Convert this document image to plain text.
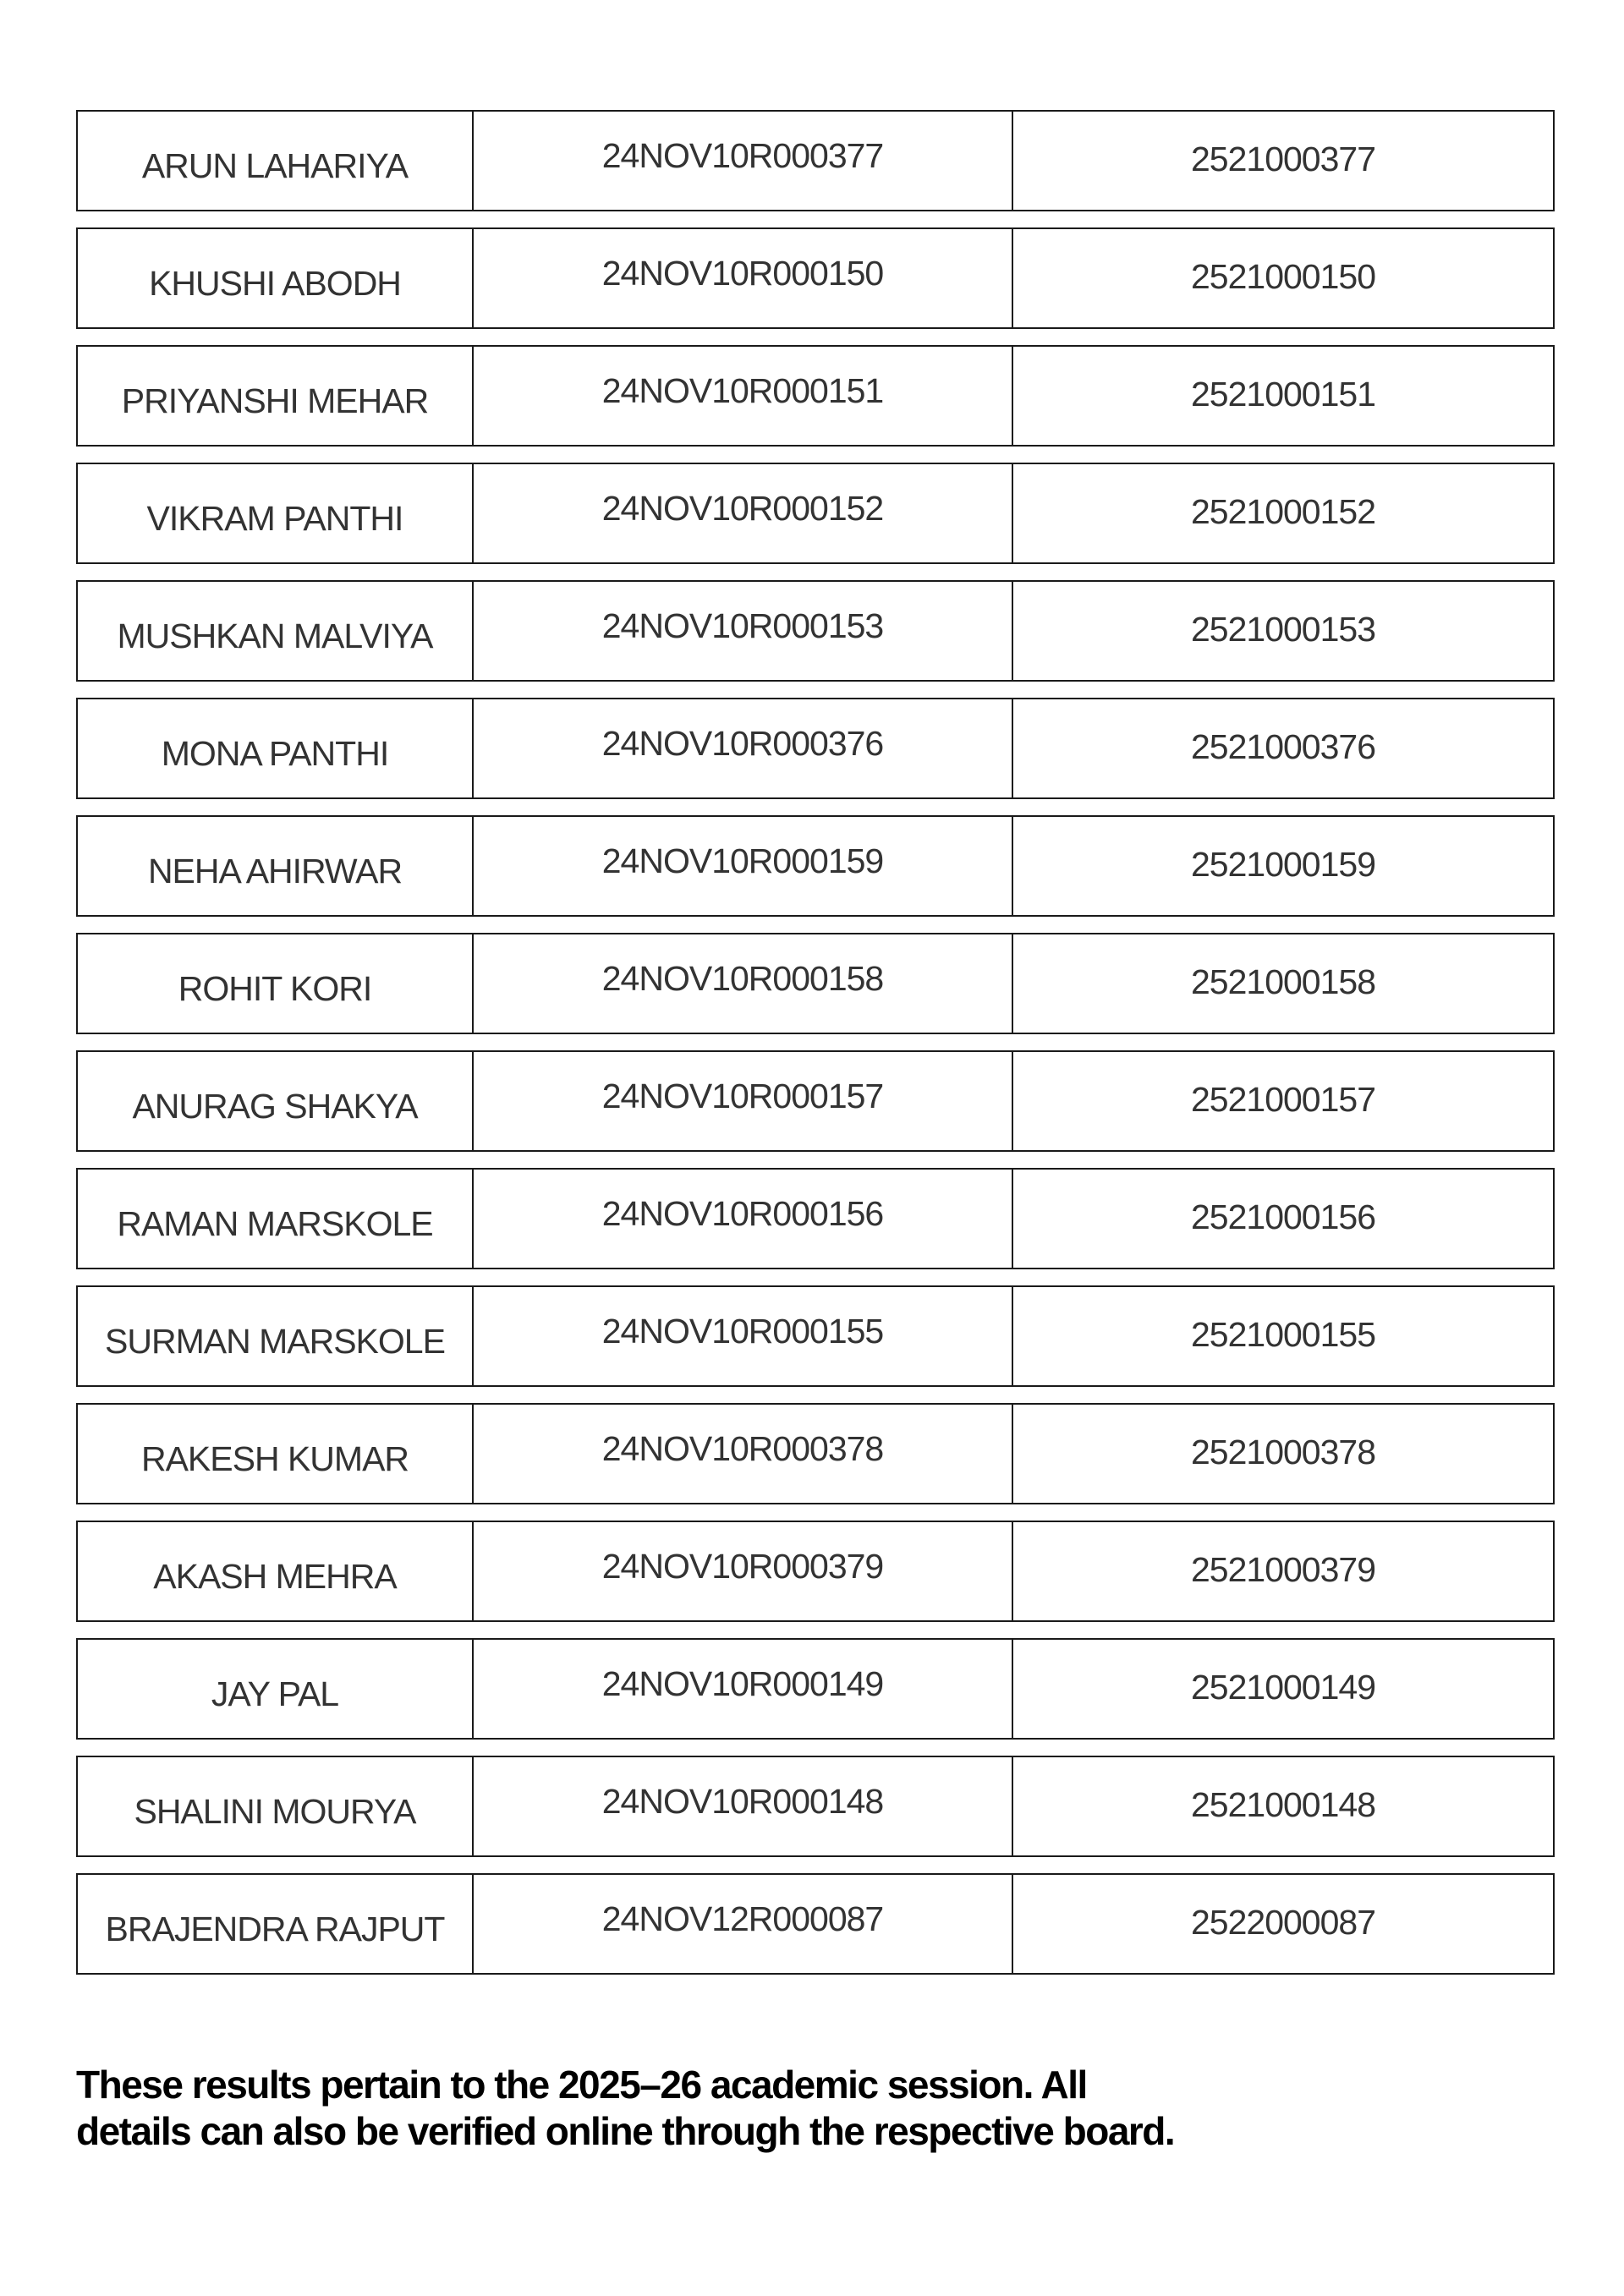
ARUN LAHARIYA	24NOV10R000377	2521000377
KHUSHI ABODH	24NOV10R000150	2521000150
PRIYANSHI MEHAR	24NOV10R000151	2521000151
VIKRAM PANTHI	24NOV10R000152	2521000152
MUSHKAN MALVIYA	24NOV10R000153	2521000153
MONA PANTHI	24NOV10R000376	2521000376
NEHA AHIRWAR	24NOV10R000159	2521000159
ROHIT KORI	24NOV10R000158	2521000158
ANURAG SHAKYA	24NOV10R000157	2521000157
RAMAN MARSKOLE	24NOV10R000156	2521000156
SURMAN MARSKOLE	24NOV10R000155	2521000155
RAKESH KUMAR	24NOV10R000378	2521000378
AKASH MEHRA	24NOV10R000379	2521000379
JAY PAL	24NOV10R000149	2521000149
SHALINI MOURYA	24NOV10R000148	2521000148
BRAJENDRA RAJPUT	24NOV12R000087	2522000087
These results pertain to the 2025–26 academic session. All
details can also be verified online through the respective board.
